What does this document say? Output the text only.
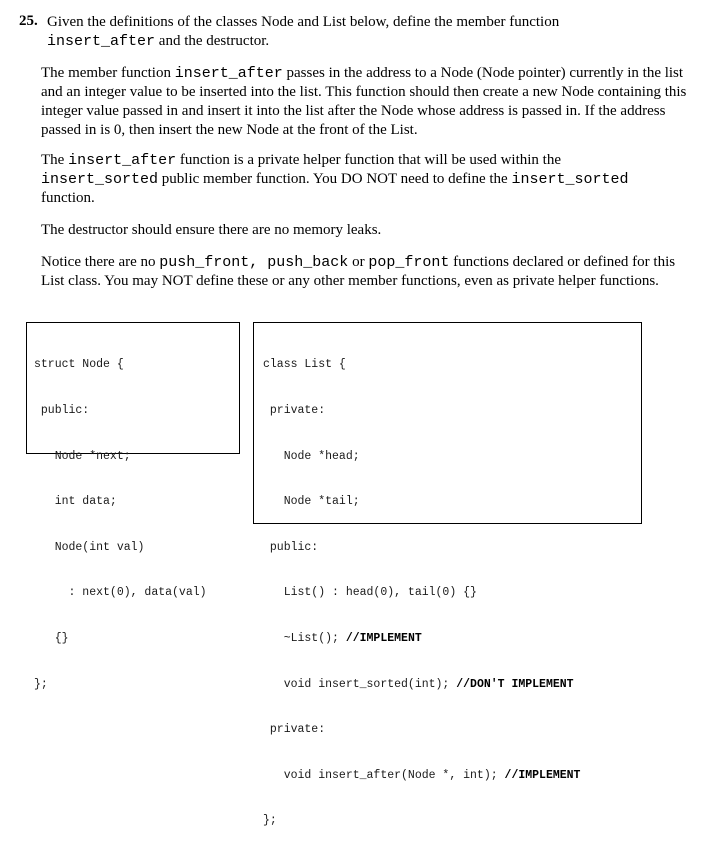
25. Given the definitions of the classes Node and List below, define the member function
insert_after and the destructor.
The member function insert_after passes in the address to a Node (Node pointer) currently in the list and an integer value to be inserted into the list. This function should then create a new Node containing this integer value passed in and insert it into the list after the Node whose address is passed in. If the address passed in is 0, then insert the new Node at the front of the List.
The insert_after function is a private helper function that will be used within the
insert_sorted public member function. You DO NOT need to define the insert_sorted
function.
The destructor should ensure there are no memory leaks.
Notice there are no push_front, push_back or pop_front functions declared or defined for this List class. You may NOT define these or any other member functions, even as private helper functions.

struct Node {

public:

Node *next;

int data;

Node(int val)

: next(0), data(val)

{}

};

class List {

private:

Node *head;

Node *tail;

public:

List() : head(0), tail(0) {}

~List(); //IMPLEMENT

void insert_sorted(int); //DON'T IMPLEMENT

private:

void insert_after(Node *, int); //IMPLEMENT

};
